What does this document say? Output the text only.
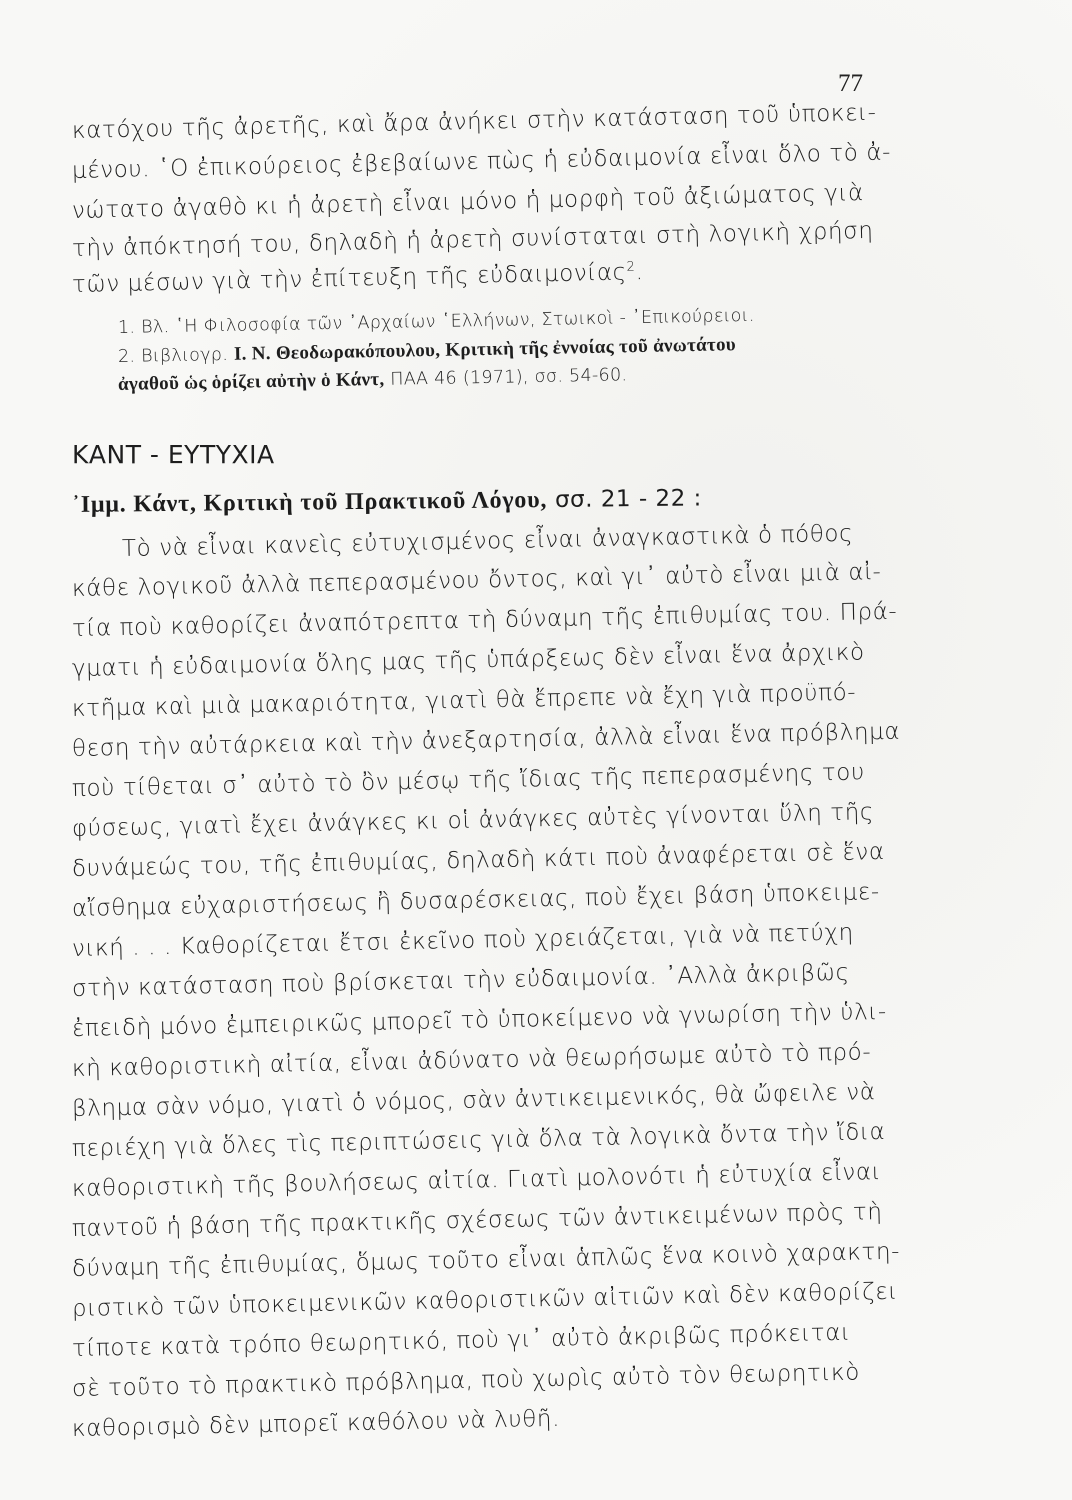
77
κατόχου τῆς ἀρετῆς, καὶ ἄρα ἀνήκει στὴν κατάσταση τοῦ ὑποκει-
μένου. ῾Ο ἐπικούρειος ἐβεβαίωνε πὼς ἡ εὐδαιμονία εἶναι ὅλο τὸ ἀ-
νώτατο ἀγαθὸ κι ἡ ἀρετὴ εἶναι μόνο ἡ μορφὴ τοῦ ἀξιώματος γιὰ
τὴν ἀπόκτησή του, δηλαδὴ ἡ ἀρετὴ συνίσταται στὴ λογικὴ χρήση
τῶν μέσων γιὰ τὴν ἐπίτευξη τῆς εὐδαιμονίας$^2$.
1. Βλ. ῾Η Φιλοσοφία τῶν ᾽Αρχαίων ῾Ελλήνων, Στωικοὶ - ᾽Επικούρειοι.
2. Βιβλιογρ. Ι. Ν. Θεοδωρακόπουλου, Κριτικὴ τῆς ἐννοίας τοῦ ἀνωτάτου
ἀγαθοῦ ὡς ὁρίζει αὐτὴν ὁ Κάντ, ΠΑΑ 46 (1971), σσ. 54-60.
ΚΑΝΤ - ΕΥΤΥΧΙΑ
᾽Ιμμ. Κάντ, Κριτικὴ τοῦ Πρακτικοῦ Λόγου, σσ. 21 - 22 :
Τὸ νὰ εἶναι κανεὶς εὐτυχισμένος εἶναι ἀναγκαστικὰ ὁ πόθος
κάθε λογικοῦ ἀλλὰ πεπερασμένου ὄντος, καὶ γι᾽ αὐτὸ εἶναι μιὰ αἰ-
τία ποὺ καθορίζει ἀναπότρεπτα τὴ δύναμη τῆς ἐπιθυμίας του. Πρά-
γματι ἡ εὐδαιμονία ὅλης μας τῆς ὑπάρξεως δὲν εἶναι ἕνα ἀρχικὸ
κτῆμα καὶ μιὰ μακαριότητα, γιατὶ θὰ ἔπρεπε νὰ ἔχη γιὰ προϋπό-
θεση τὴν αὐτάρκεια καὶ τὴν ἀνεξαρτησία, ἀλλὰ εἶναι ἕνα πρόβλημα
ποὺ τίθεται σ᾽ αὐτὸ τὸ ὂν μέσῳ τῆς ἴδιας τῆς πεπερασμένης του
φύσεως, γιατὶ ἔχει ἀνάγκες κι οἱ ἀνάγκες αὐτὲς γίνονται ὕλη τῆς
δυνάμεώς του, τῆς ἐπιθυμίας, δηλαδὴ κάτι ποὺ ἀναφέρεται σὲ ἕνα
αἴσθημα εὐχαριστήσεως ἢ δυσαρέσκειας, ποὺ ἔχει βάση ὑποκειμε-
νική . . . Καθορίζεται ἔτσι ἐκεῖνο ποὺ χρειάζεται, γιὰ νὰ πετύχη
στὴν κατάσταση ποὺ βρίσκεται τὴν εὐδαιμονία. ᾽Αλλὰ ἀκριβῶς
ἐπειδὴ μόνο ἐμπειρικῶς μπορεῖ τὸ ὑποκείμενο νὰ γνωρίση τὴν ὑλι-
κὴ καθοριστικὴ αἰτία, εἶναι ἀδύνατο νὰ θεωρήσωμε αὐτὸ τὸ πρό-
βλημα σὰν νόμο, γιατὶ ὁ νόμος, σὰν ἀντικειμενικός, θὰ ὤφειλε νὰ
περιέχη γιὰ ὅλες τὶς περιπτώσεις γιὰ ὅλα τὰ λογικὰ ὄντα τὴν ἴδια
καθοριστικὴ τῆς βουλήσεως αἰτία. Γιατὶ μολονότι ἡ εὐτυχία εἶναι
παντοῦ ἡ βάση τῆς πρακτικῆς σχέσεως τῶν ἀντικειμένων πρὸς τὴ
δύναμη τῆς ἐπιθυμίας, ὅμως τοῦτο εἶναι ἁπλῶς ἕνα κοινὸ χαρακτη-
ριστικὸ τῶν ὑποκειμενικῶν καθοριστικῶν αἰτιῶν καὶ δὲν καθορίζει
τίποτε κατὰ τρόπο θεωρητικό, ποὺ γι᾽ αὐτὸ ἀκριβῶς πρόκειται
σὲ τοῦτο τὸ πρακτικὸ πρόβλημα, ποὺ χωρὶς αὐτὸ τὸν θεωρητικὸ
καθορισμὸ δὲν μπορεῖ καθόλου νὰ λυθῆ.
